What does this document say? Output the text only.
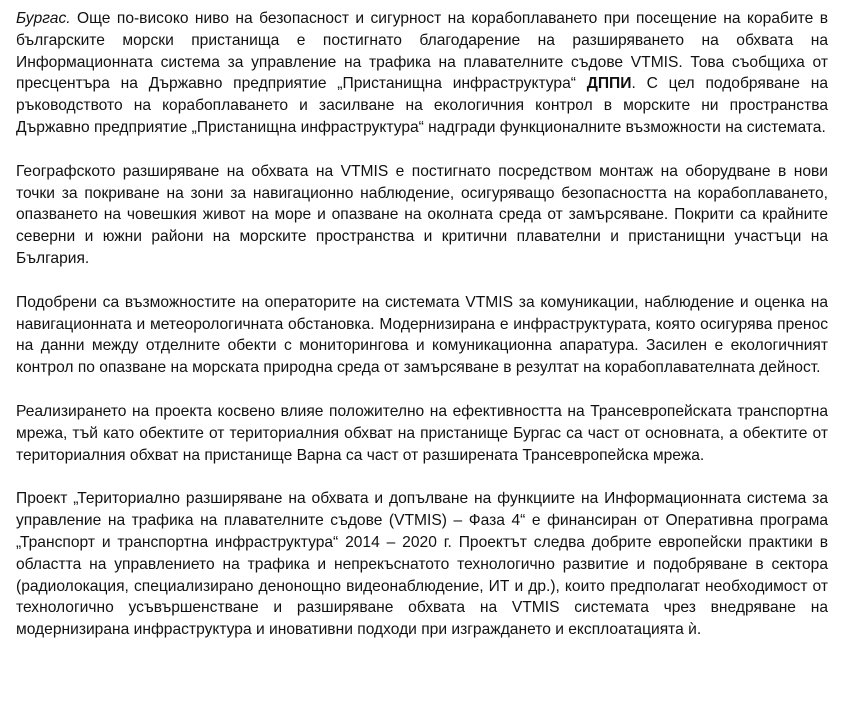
Бургас. Още по-високо ниво на безопасност и сигурност на корабоплаването при посещение на корабите в българските морски пристанища е постигнато благодарение на разширяването на обхвата на Информационната система за управление на трафика на плавателните съдове VTMIS. Това съобщиха от пресцентъра на Държавно предприятие „Пристанищна инфраструктура“ ДППИ. С цел подобряване на ръководството на корабоплаването и засилване на екологичния контрол в морските ни пространства Държавно предприятие „Пристанищна инфраструктура“ надгради функционалните възможности на системата.

Географското разширяване на обхвата на VTMIS е постигнато посредством монтаж на оборудване в нови точки за покриване на зони за навигационно наблюдение, осигуряващо безопасността на корабоплаването, опазването на човешкия живот на море и опазване на околната среда от замърсяване. Покрити са крайните северни и южни райони на морските пространства и критични плавателни и пристанищни участъци на България.

Подобрени са възможностите на операторите на системата VTMIS за комуникации, наблюдение и оценка на навигационната и метеорологичната обстановка. Модернизирана е инфраструктурата, която осигурява пренос на данни между отделните обекти с мониторингова и комуникационна апаратура. Засилен е екологичният контрол по опазване на морската природна среда от замърсяване в резултат на корабоплавателната дейност.

Реализирането на проекта косвено влияе положително на ефективността на Трансевропейската транспортна мрежа, тъй като обектите от териториалния обхват на пристанище Бургас са част от основната, а обектите от териториалния обхват на пристанище Варна са част от разширената Трансевропейска мрежа.

Проект „Териториално разширяване на обхвата и допълване на функциите на Информационната система за управление на трафика на плавателните съдове (VTMIS) – Фаза 4“ е финансиран от Оперативна програма „Транспорт и транспортна инфраструктура“ 2014 – 2020 г. Проектът следва добрите европейски практики в областта на управлението на трафика и непрекъснатото технологично развитие и подобряване в сектора (радиолокация, специализирано денонощно видеонаблюдение, ИТ и др.), които предполагат необходимост от технологично усъвършенстване и разширяване обхвата на VTMIS системата чрез внедряване на модернизирана инфраструктура и иновативни подходи при изграждането и експлоатацията ѝ.
